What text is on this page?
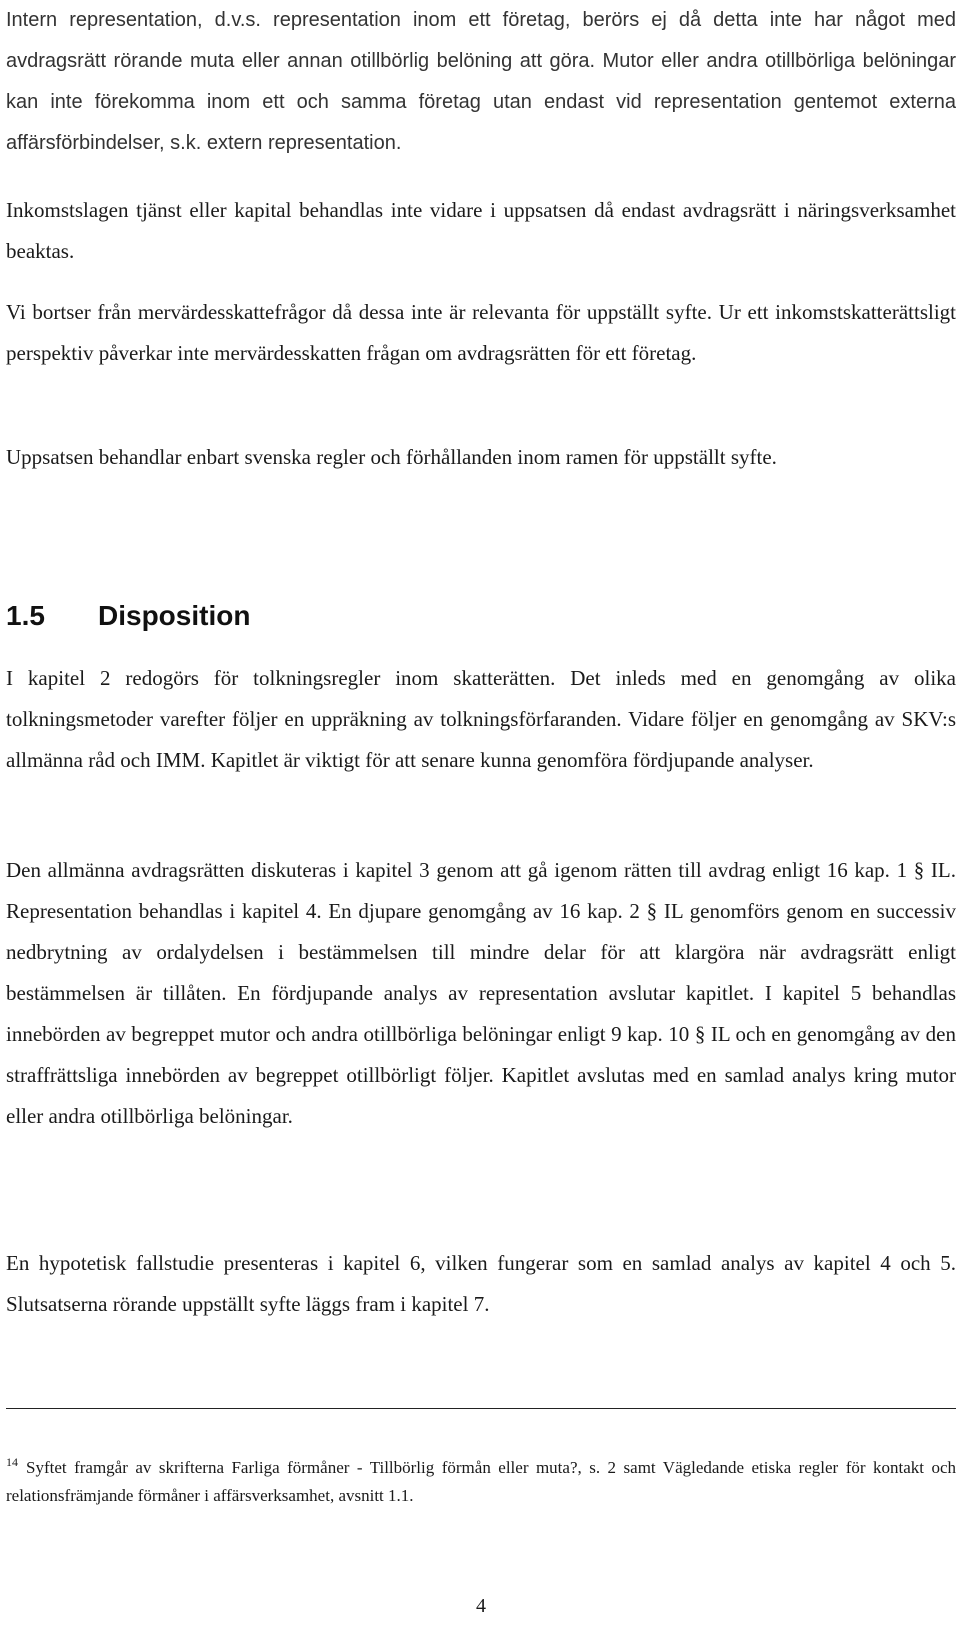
Intern representation, d.v.s. representation inom ett företag, berörs ej då detta inte har något med avdragsrätt rörande muta eller annan otillbörlig belöning att göra. Mutor eller andra otillbörliga belöningar kan inte förekomma inom ett och samma företag utan endast vid representation gentemot externa affärsförbindelser, s.k. extern representation.

Inkomstslagen tjänst eller kapital behandlas inte vidare i uppsatsen då endast avdragsrätt i näringsverksamhet beaktas.

Vi bortser från mervärdesskattefrågor då dessa inte är relevanta för uppställt syfte. Ur ett inkomstskatterättsligt perspektiv påverkar inte mervärdesskatten frågan om avdragsrätten för ett företag.

Uppsatsen behandlar enbart svenska regler och förhållanden inom ramen för uppställt syfte.

1.5 Disposition

I kapitel 2 redogörs för tolkningsregler inom skatterätten. Det inleds med en genomgång av olika tolkningsmetoder varefter följer en uppräkning av tolkningsförfaranden. Vidare följer en genomgång av SKV:s allmänna råd och IMM. Kapitlet är viktigt för att senare kunna genomföra fördjupande analyser.

Den allmänna avdragsrätten diskuteras i kapitel 3 genom att gå igenom rätten till avdrag enligt 16 kap. 1 § IL. Representation behandlas i kapitel 4. En djupare genomgång av 16 kap. 2 § IL genomförs genom en successiv nedbrytning av ordalydelsen i bestämmelsen till mindre delar för att klargöra när avdragsrätt enligt bestämmelsen är tillåten. En fördjupande analys av representation avslutar kapitlet. I kapitel 5 behandlas innebörden av begreppet mutor och andra otillbörliga belöningar enligt 9 kap. 10 § IL och en genomgång av den straffrättsliga innebörden av begreppet otillbörligt följer. Kapitlet avslutas med en samlad analys kring mutor eller andra otillbörliga belöningar.

En hypotetisk fallstudie presenteras i kapitel 6, vilken fungerar som en samlad analys av kapitel 4 och 5. Slutsatserna rörande uppställt syfte läggs fram i kapitel 7.

$^{14}$ Syftet framgår av skrifterna Farliga förmåner - Tillbörlig förmån eller muta?, s. 2 samt Vägledande etiska regler för kontakt och relationsfrämjande förmåner i affärsverksamhet, avsnitt 1.1.

4
